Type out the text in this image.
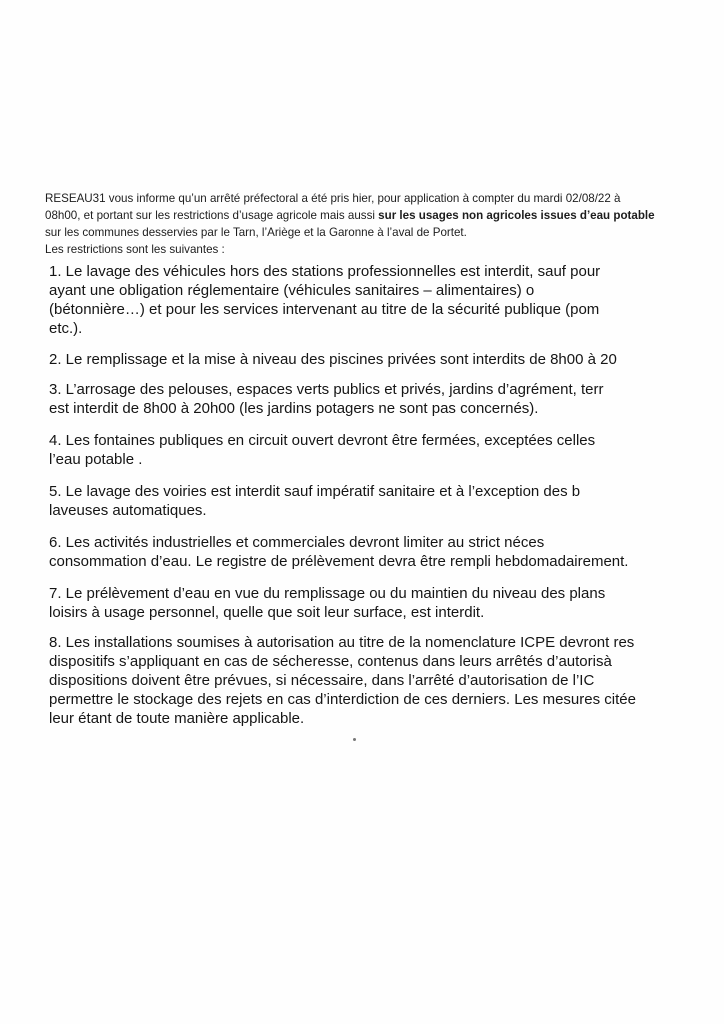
RESEAU31 vous informe qu’un arrêté préfectoral a été pris hier, pour application à compter du mardi 02/08/22 à

08h00, et portant sur les restrictions d’usage agricole mais aussi sur les usages non agricoles issues d’eau potable

sur les communes desservies par le Tarn, l’Ariège et la Garonne à l’aval de Portet.

Les restrictions sont les suivantes :

1. Le lavage des véhicules hors des stations professionnelles est interdit, sauf pour
ayant une obligation réglementaire (véhicules sanitaires – alimentaires) o
(bétonnière…) et pour les services intervenant au titre de la sécurité publique (pom
etc.).
2. Le remplissage et la mise à niveau des piscines privées sont interdits de 8h00 à 20
3. L’arrosage des pelouses, espaces verts publics et privés, jardins d’agrément, terr
est interdit de 8h00 à 20h00 (les jardins potagers ne sont pas concernés).
4. Les fontaines publiques en circuit ouvert devront être fermées, exceptées celles
l’eau potable .
5. Le lavage des voiries est interdit sauf impératif sanitaire et à l’exception des b
laveuses automatiques.
6. Les activités industrielles et commerciales devront limiter au strict néces
consommation d’eau. Le registre de prélèvement devra être rempli hebdomadairement.
7. Le prélèvement d’eau en vue du remplissage ou du maintien du niveau des plans
loisirs à usage personnel, quelle que soit leur surface, est interdit.
8. Les installations soumises à autorisation au titre de la nomenclature ICPE devront res
dispositifs s’appliquant en cas de sécheresse, contenus dans leurs arrêtés d’autorisà
dispositions doivent être prévues, si nécessaire, dans l’arrêté d’autorisation de l’IC
permettre le stockage des rejets en cas d’interdiction de ces derniers. Les mesures citée
leur étant de toute manière applicable.
